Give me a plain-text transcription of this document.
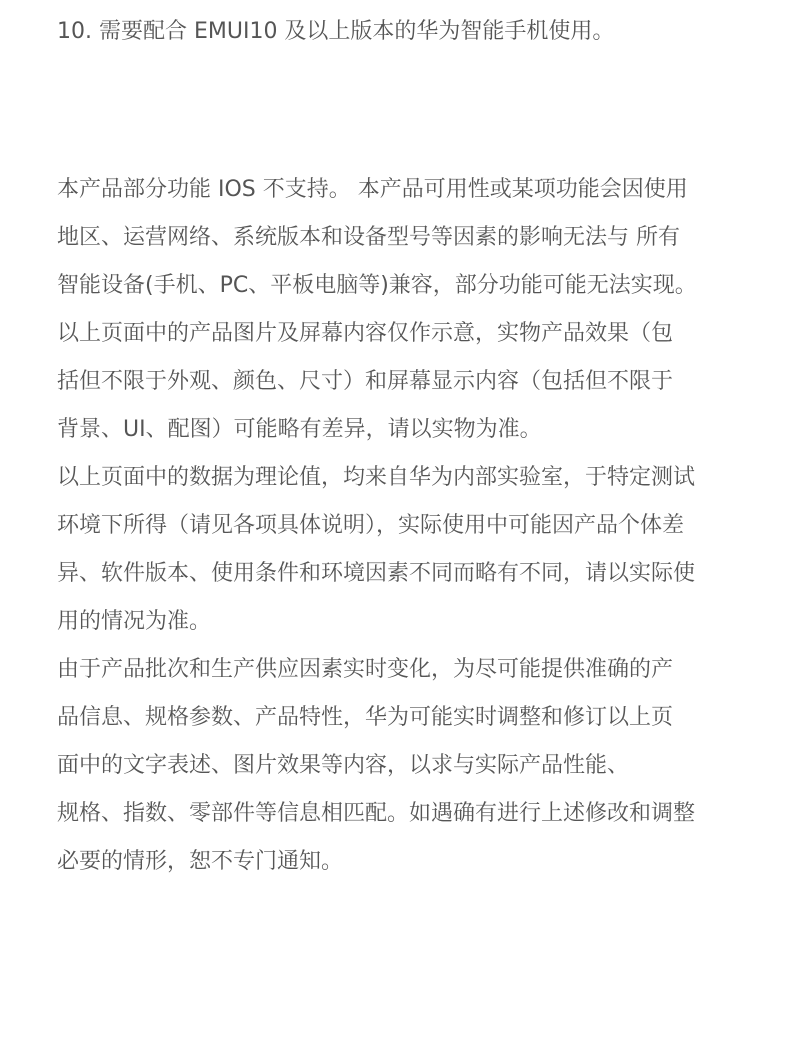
10. 需要配合 EMUI10 及以上版本的华为智能手机使用。

本产品部分功能 IOS 不支持。 本产品可用性或某项功能会因使用
地区、运营网络、系统版本和设备型号等因素的影响无法与 所有
智能设备(手机、PC、平板电脑等)兼容，部分功能可能无法实现。
以上页面中的产品图片及屏幕内容仅作示意，实物产品效果（包
括但不限于外观、颜色、尺寸）和屏幕显示内容（包括但不限于
背景、UI、配图）可能略有差异，请以实物为准。
以上页面中的数据为理论值，均来自华为内部实验室，于特定测试
环境下所得（请见各项具体说明），实际使用中可能因产品个体差
异、软件版本、使用条件和环境因素不同而略有不同，请以实际使
用的情况为准。
由于产品批次和生产供应因素实时变化，为尽可能提供准确的产
品信息、规格参数、产品特性，华为可能实时调整和修订以上页
面中的文字表述、图片效果等内容，以求与实际产品性能、
规格、指数、零部件等信息相匹配。如遇确有进行上述修改和调整
必要的情形，恕不专门通知。
